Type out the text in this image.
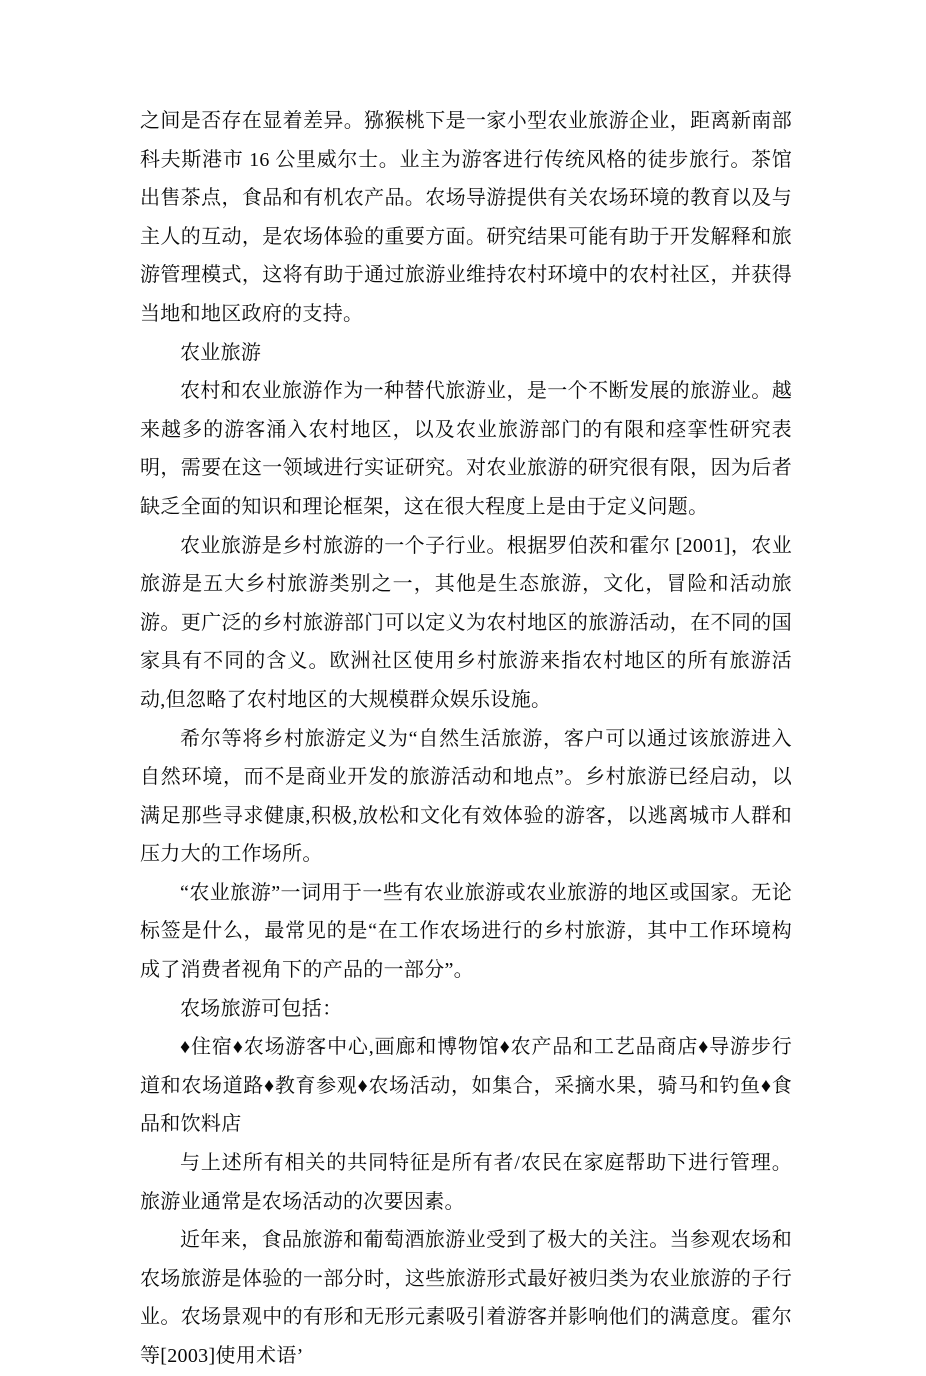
之间是否存在显着差异。猕猴桃下是一家小型农业旅游企业，距离新南部科夫斯港市 16 公里威尔士。业主为游客进行传统风格的徒步旅行。茶馆出售茶点，食品和有机农产品。农场导游提供有关农场环境的教育以及与主人的互动，是农场体验的重要方面。研究结果可能有助于开发解释和旅游管理模式，这将有助于通过旅游业维持农村环境中的农村社区，并获得当地和地区政府的支持。

农业旅游

农村和农业旅游作为一种替代旅游业，是一个不断发展的旅游业。越来越多的游客涌入农村地区，以及农业旅游部门的有限和痉挛性研究表明，需要在这一领域进行实证研究。对农业旅游的研究很有限，因为后者缺乏全面的知识和理论框架，这在很大程度上是由于定义问题。

农业旅游是乡村旅游的一个子行业。根据罗伯茨和霍尔 [2001]，农业旅游是五大乡村旅游类别之一，其他是生态旅游，文化，冒险和活动旅游。更广泛的乡村旅游部门可以定义为农村地区的旅游活动，在不同的国家具有不同的含义。欧洲社区使用乡村旅游来指农村地区的所有旅游活动,但忽略了农村地区的大规模群众娱乐设施。

希尔等将乡村旅游定义为“自然生活旅游，客户可以通过该旅游进入自然环境，而不是商业开发的旅游活动和地点”。乡村旅游已经启动，以满足那些寻求健康,积极,放松和文化有效体验的游客，以逃离城市人群和压力大的工作场所。

“农业旅游”一词用于一些有农业旅游或农业旅游的地区或国家。无论标签是什么，最常见的是“在工作农场进行的乡村旅游，其中工作环境构成了消费者视角下的产品的一部分”。

农场旅游可包括：

♦住宿♦农场游客中心,画廊和博物馆♦农产品和工艺品商店♦导游步行道和农场道路♦教育参观♦农场活动，如集合，采摘水果，骑马和钓鱼♦食品和饮料店

与上述所有相关的共同特征是所有者/农民在家庭帮助下进行管理。旅游业通常是农场活动的次要因素。

近年来，食品旅游和葡萄酒旅游业受到了极大的关注。当参观农场和农场旅游是体验的一部分时，这些旅游形式最好被归类为农业旅游的子行业。农场景观中的有形和无形元素吸引着游客并影响他们的满意度。霍尔等[2003]使用术语’
